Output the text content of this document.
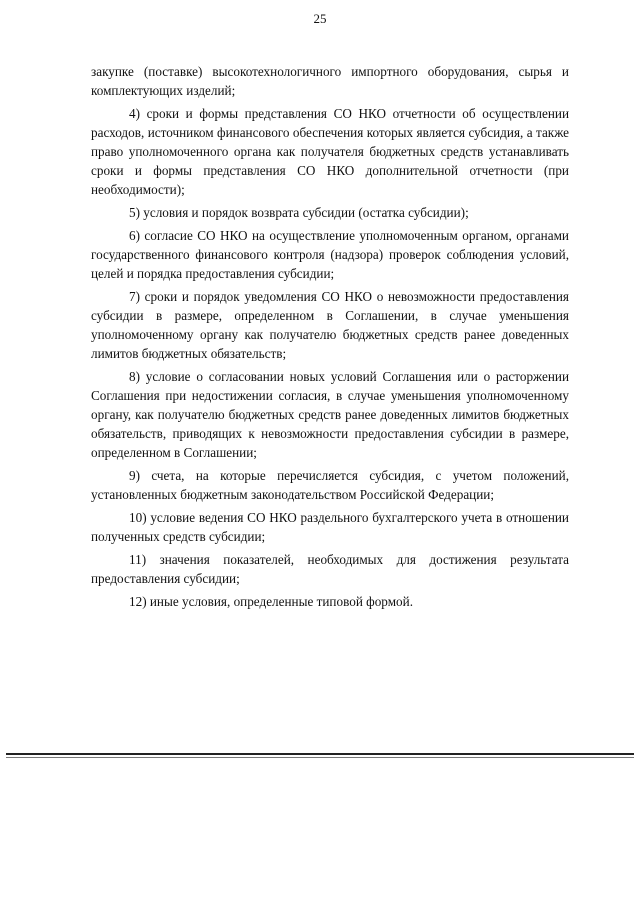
25

закупке (поставке) высокотехнологичного импортного оборудования, сырья и комплектующих изделий;

4) сроки и формы представления СО НКО отчетности об осуществлении расходов, источником финансового обеспечения которых является субсидия, а также право уполномоченного органа как получателя бюджетных средств устанавливать сроки и формы представления СО НКО дополнительной отчетности (при необходимости);

5) условия и порядок возврата субсидии (остатка субсидии);

6) согласие СО НКО на осуществление уполномоченным органом, органами государственного финансового контроля (надзора) проверок соблюдения условий, целей и порядка предоставления субсидии;

7) сроки и порядок уведомления СО НКО о невозможности предоставления субсидии в размере, определенном в Соглашении, в случае уменьшения уполномоченному органу как получателю бюджетных средств ранее доведенных лимитов бюджетных обязательств;

8) условие о согласовании новых условий Соглашения или о расторжении Соглашения при недостижении согласия, в случае уменьшения уполномоченному органу, как получателю бюджетных средств ранее доведенных лимитов бюджетных обязательств, приводящих к невозможности предоставления субсидии в размере, определенном в Соглашении;

9) счета, на которые перечисляется субсидия, с учетом положений, установленных бюджетным законодательством Российской Федерации;

10) условие ведения СО НКО раздельного бухгалтерского учета в отношении полученных средств субсидии;

11) значения показателей, необходимых для достижения результата предоставления субсидии;

12) иные условия, определенные типовой формой.
